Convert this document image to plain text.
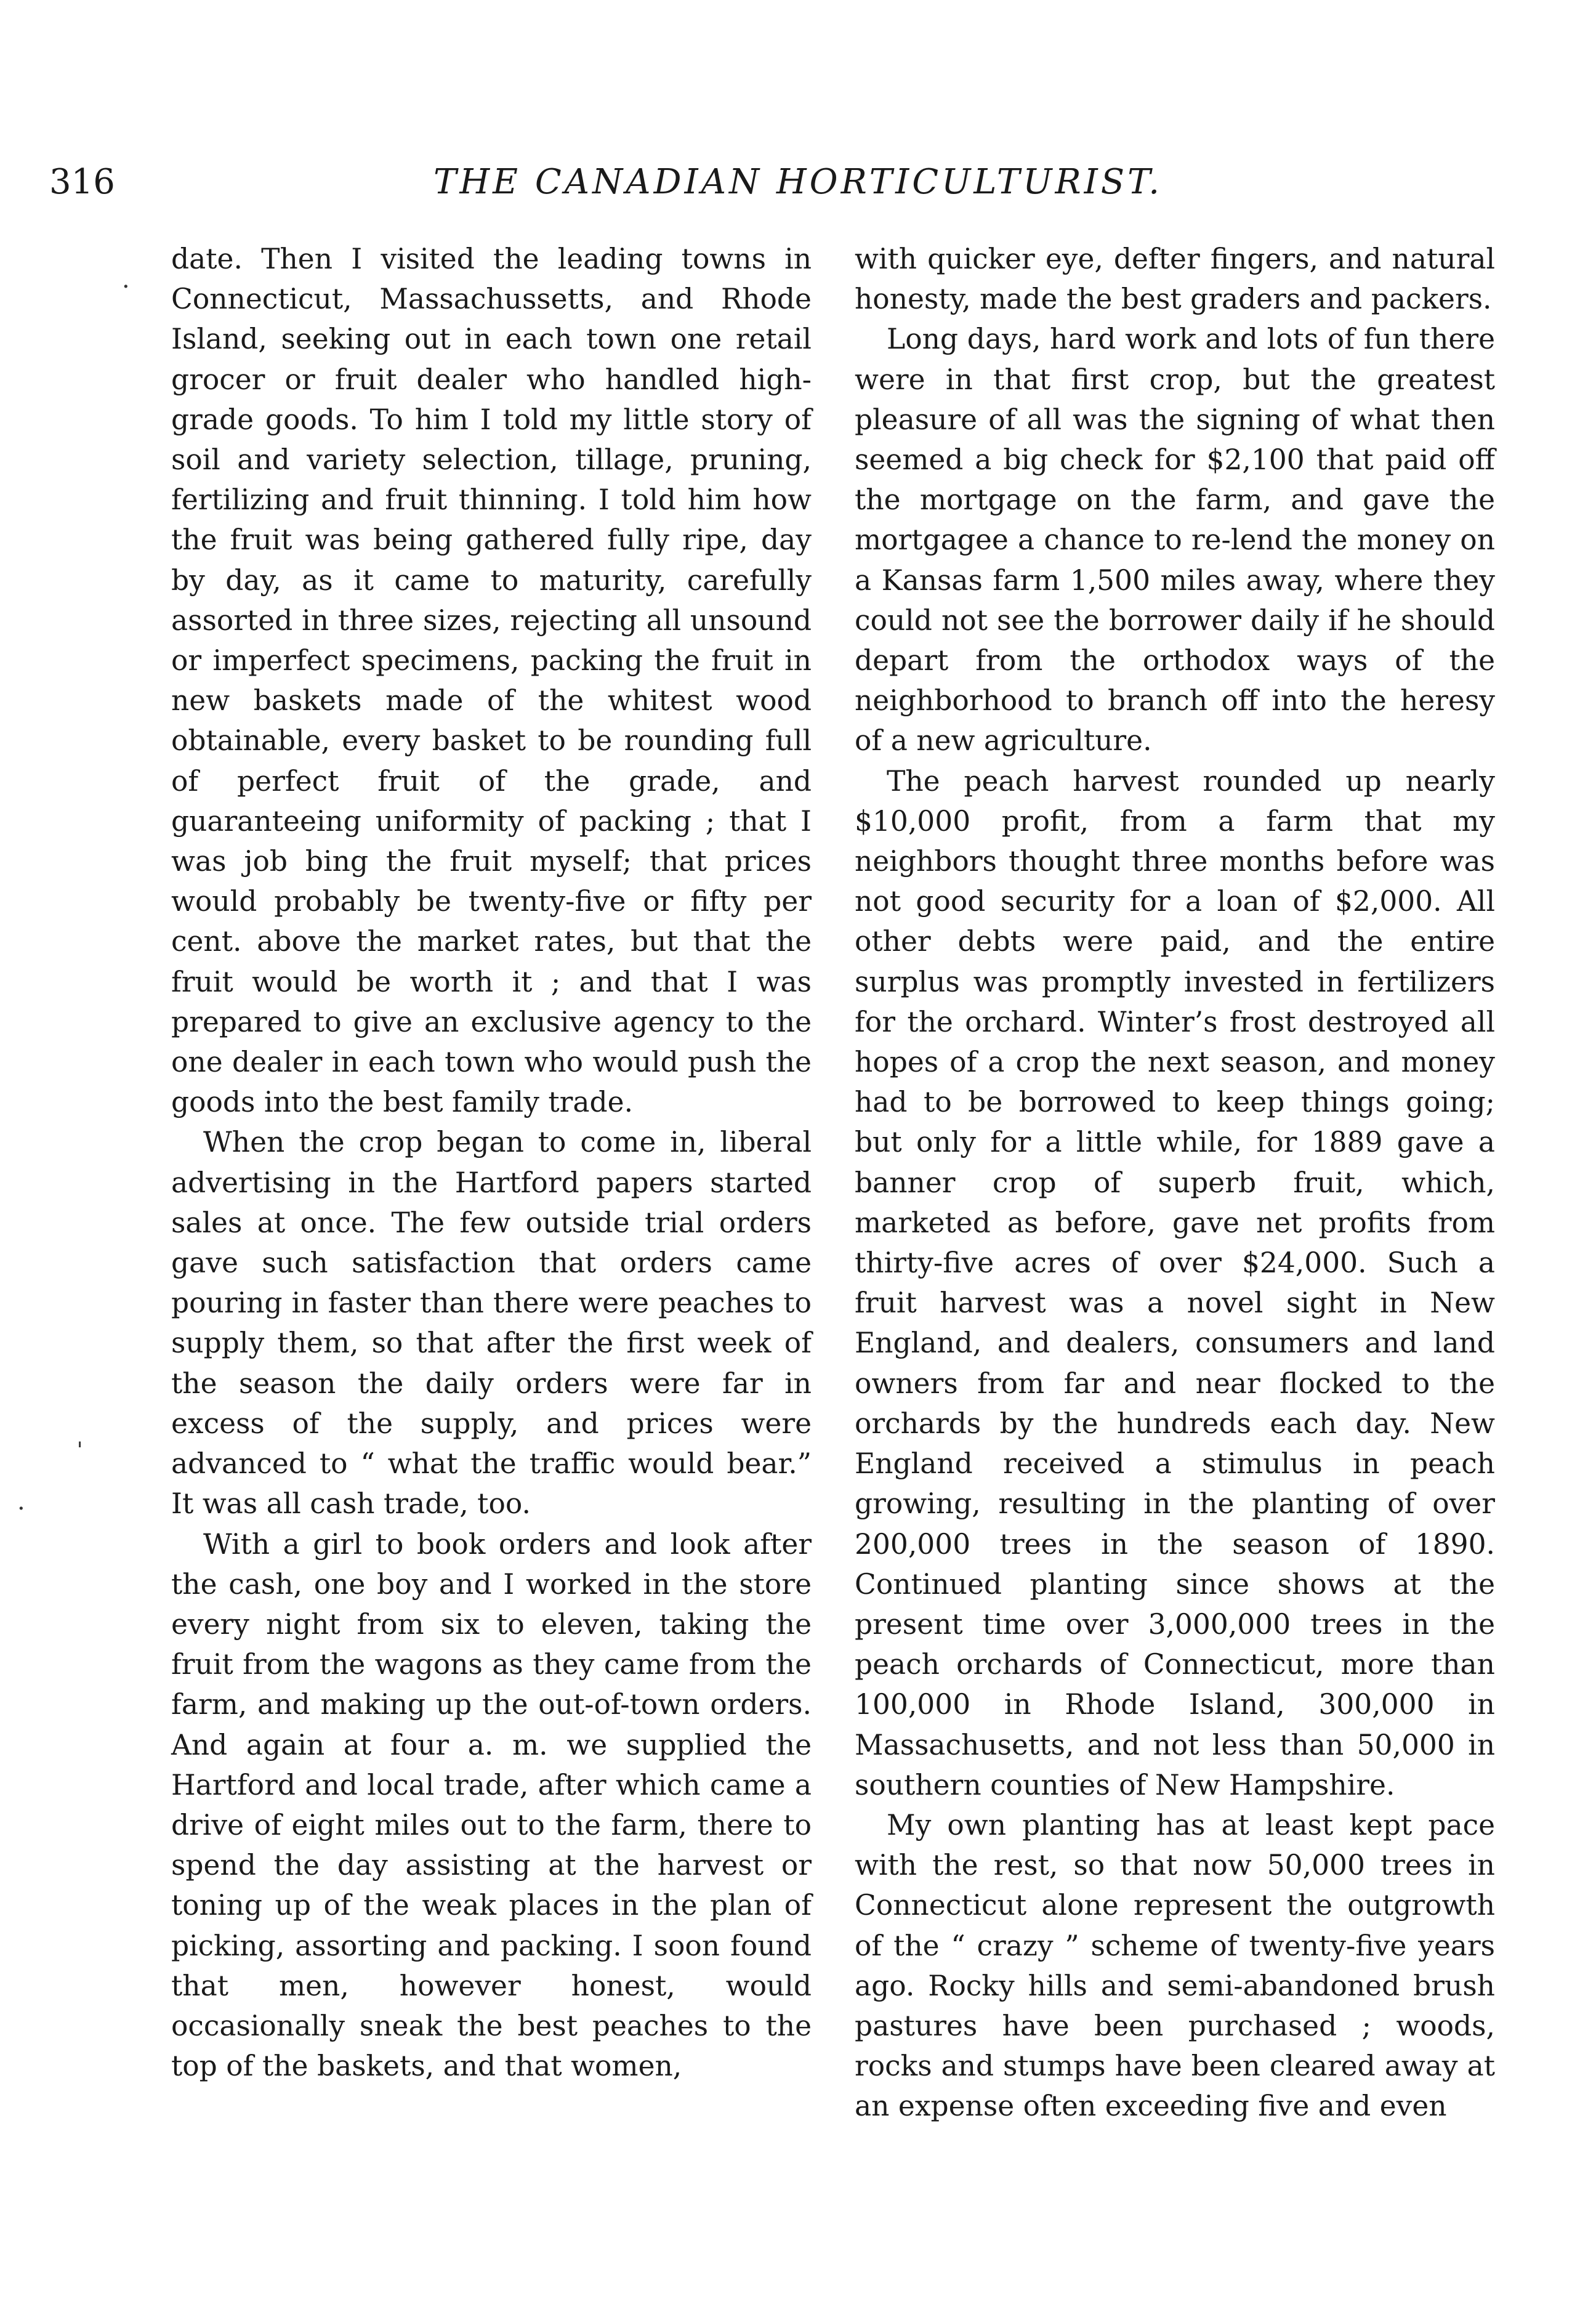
316	THE CANADIAN HORTICULTURIST.

date. Then I visited the leading towns in Connecticut, Massachussetts, and Rhode Island, seeking out in each town one retail grocer or fruit dealer who handled high-grade goods. To him I told my little story of soil and variety selection, tillage, pruning, fertilizing and fruit thinning. I told him how the fruit was being gathered fully ripe, day by day, as it came to maturity, carefully assorted in three sizes, rejecting all unsound or imperfect specimens, packing the fruit in new baskets made of the whitest wood obtainable, every basket to be rounding full of perfect fruit of the grade, and guaranteeing uniformity of packing ; that I was job bing the fruit myself; that prices would probably be twenty-five or fifty per cent. above the market rates, but that the fruit would be worth it ; and that I was prepared to give an exclusive agency to the one dealer in each town who would push the goods into the best family trade.

When the crop began to come in, liberal advertising in the Hartford papers started sales at once. The few outside trial orders gave such satisfaction that orders came pouring in faster than there were peaches to supply them, so that after the first week of the season the daily orders were far in excess of the supply, and prices were advanced to “ what the traffic would bear.” It was all cash trade, too.

With a girl to book orders and look after the cash, one boy and I worked in the store every night from six to eleven, taking the fruit from the wagons as they came from the farm, and making up the out-of-town orders. And again at four a. m. we supplied the Hartford and local trade, after which came a drive of eight miles out to the farm, there to spend the day assisting at the harvest or toning up of the weak places in the plan of picking, assorting and packing. I soon found that men, however honest, would occasionally sneak the best peaches to the top of the baskets, and that women,

with quicker eye, defter fingers, and natural honesty, made the best graders and packers.

Long days, hard work and lots of fun there were in that first crop, but the greatest pleasure of all was the signing of what then seemed a big check for $2,100 that paid off the mortgage on the farm, and gave the mortgagee a chance to re-lend the money on a Kansas farm 1,500 miles away, where they could not see the borrower daily if he should depart from the orthodox ways of the neighborhood to branch off into the heresy of a new agriculture.

The peach harvest rounded up nearly $10,000 profit, from a farm that my neighbors thought three months before was not good security for a loan of $2,000. All other debts were paid, and the entire surplus was promptly invested in fertilizers for the orchard. Winter’s frost destroyed all hopes of a crop the next season, and money had to be borrowed to keep things going; but only for a little while, for 1889 gave a banner crop of superb fruit, which, marketed as before, gave net profits from thirty-five acres of over $24,000. Such a fruit harvest was a novel sight in New England, and dealers, consumers and land owners from far and near flocked to the orchards by the hundreds each day. New England received a stimulus in peach growing, resulting in the planting of over 200,000 trees in the season of 1890. Continued planting since shows at the present time over 3,000,000 trees in the peach orchards of Connecticut, more than 100,000 in Rhode Island, 300,000 in Massachusetts, and not less than 50,000 in southern counties of New Hampshire.

My own planting has at least kept pace with the rest, so that now 50,000 trees in Connecticut alone represent the outgrowth of the “ crazy ” scheme of twenty-five years ago. Rocky hills and semi-abandoned brush pastures have been purchased ; woods, rocks and stumps have been cleared away at an expense often exceeding five and even

·
ˈ
·
